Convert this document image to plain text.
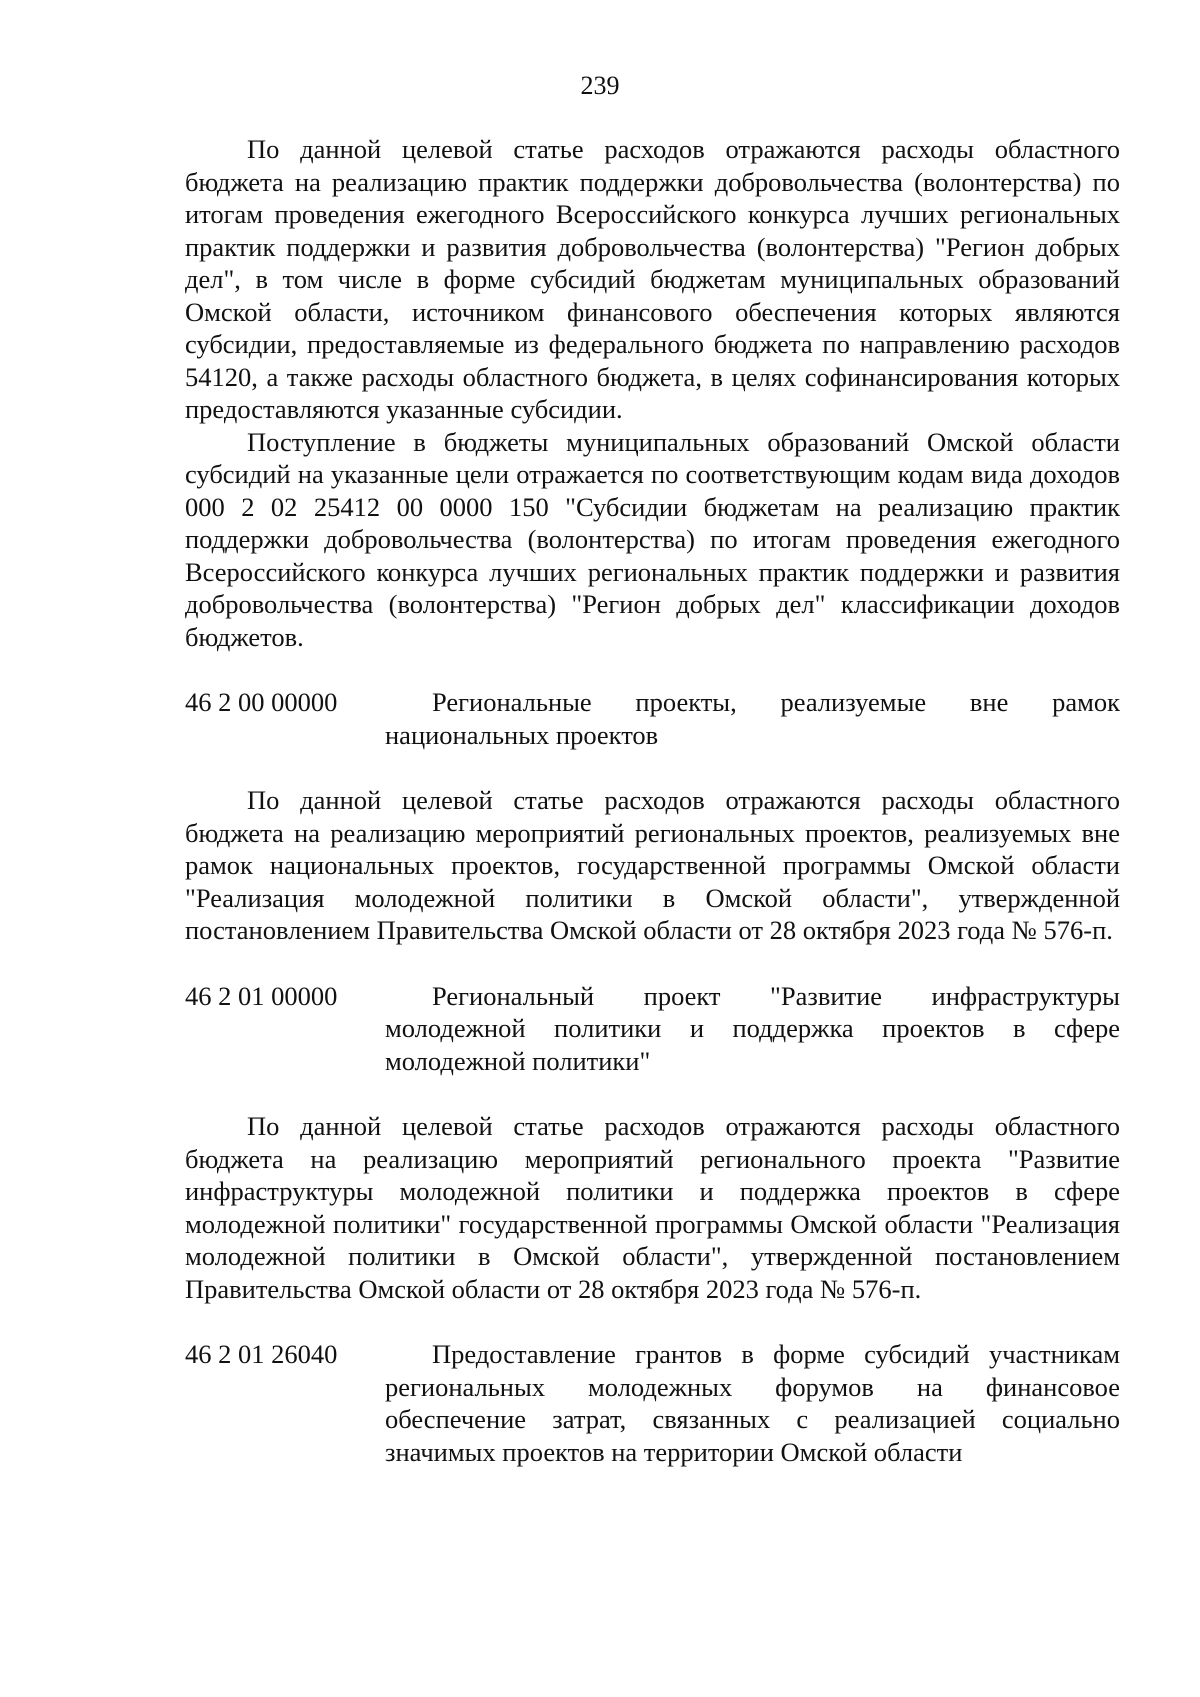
239

По данной целевой статье расходов отражаются расходы областного бюджета на реализацию практик поддержки добровольчества (волонтерства) по итогам проведения ежегодного Всероссийского конкурса лучших региональных практик поддержки и развития добровольчества (волонтерства) "Регион добрых дел", в том числе в форме субсидий бюджетам муниципальных образований Омской области, источником финансового обеспечения которых являются субсидии, предоставляемые из федерального бюджета по направлению расходов 54120, а также расходы областного бюджета, в целях софинансирования которых предоставляются указанные субсидии.

Поступление в бюджеты муниципальных образований Омской области субсидий на указанные цели отражается по соответствующим кодам вида доходов 000 2 02 25412 00 0000 150 "Субсидии бюджетам на реализацию практик поддержки добровольчества (волонтерства) по итогам проведения ежегодного Всероссийского конкурса лучших региональных практик поддержки и развития добровольчества (волонтерства) "Регион добрых дел" классификации доходов бюджетов.

46 2 00 00000	Региональные проекты, реализуемые вне рамок национальных проектов

По данной целевой статье расходов отражаются расходы областного бюджета на реализацию мероприятий региональных проектов, реализуемых вне рамок национальных проектов, государственной программы Омской области "Реализация молодежной политики в Омской области", утвержденной постановлением Правительства Омской области от 28 октября 2023 года № 576-п.

46 2 01 00000	Региональный проект "Развитие инфраструктуры молодежной политики и поддержка проектов в сфере молодежной политики"

По данной целевой статье расходов отражаются расходы областного бюджета на реализацию мероприятий регионального проекта "Развитие инфраструктуры молодежной политики и поддержка проектов в сфере молодежной политики" государственной программы Омской области "Реализация молодежной политики в Омской области", утвержденной постановлением Правительства Омской области от 28 октября 2023 года № 576-п.

46 2 01 26040	Предоставление грантов в форме субсидий участникам региональных молодежных форумов на финансовое обеспечение затрат, связанных с реализацией социально значимых проектов на территории Омской области
